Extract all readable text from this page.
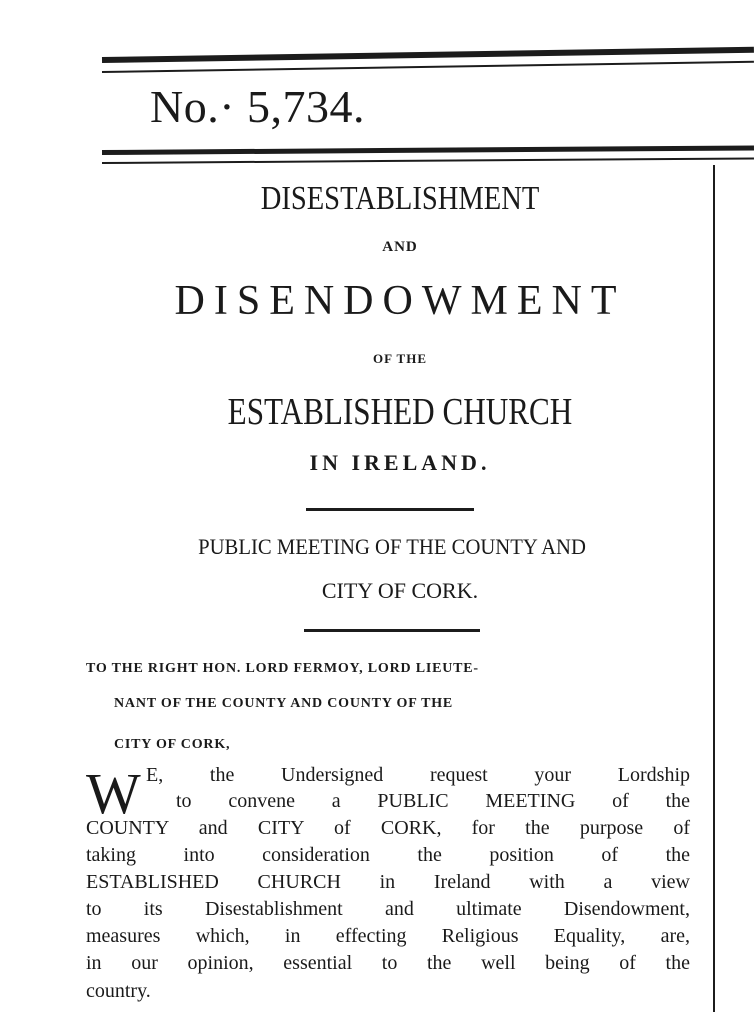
No.· 5,734.
DISESTABLISHMENT
AND
DISENDOWMENT
OF THE
ESTABLISHED CHURCH
IN IRELAND.
PUBLIC MEETING OF THE COUNTY AND
CITY OF CORK.
TO THE RIGHT HON. LORD FERMOY, LORD LIEUTE-
NANT OF THE COUNTY AND COUNTY OF THE
CITY OF CORK,
W E, the Undersigned request your Lordship
to convene a PUBLIC MEETING of the
COUNTY and CITY of CORK, for the purpose of
taking into consideration the position of the
ESTABLISHED CHURCH in Ireland with a view
to its Disestablishment and ultimate Disendowment,
measures which, in effecting Religious Equality, are,
in our opinion, essential to the well being of the
country.
